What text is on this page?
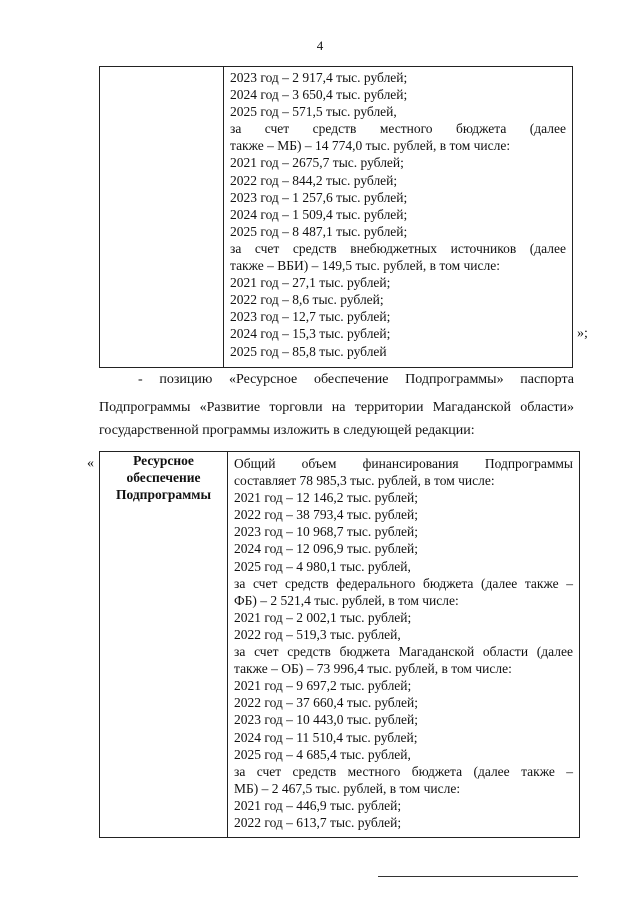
4

2023 год – 2 917,4 тыс. рублей;
2024 год – 3 650,4 тыс. рублей;
2025 год – 571,5 тыс. рублей,
за счет средств местного бюджета (далее
также – МБ) – 14 774,0 тыс. рублей, в том числе:
2021 год – 2675,7 тыс. рублей;
2022 год – 844,2 тыс. рублей;
2023 год – 1 257,6 тыс. рублей;
2024 год – 1 509,4 тыс. рублей;
2025 год – 8 487,1 тыс. рублей;
за счет средств внебюджетных источников (далее
также – ВБИ) – 149,5 тыс. рублей, в том числе:
2021 год – 27,1 тыс. рублей;
2022 год – 8,6 тыс. рублей;
2023 год – 12,7 тыс. рублей;
2024 год – 15,3 тыс. рублей;
2025 год – 85,8 тыс. рублей
»;
- позицию «Ресурсное обеспечение Подпрограммы» паспорта
Подпрограммы «Развитие торговли на территории Магаданской области»
государственной программы изложить в следующей редакции:
«	Ресурсное
обеспечение
Подпрограммы

Общий объем финансирования Подпрограммы
составляет 78 985,3 тыс. рублей, в том числе:
2021 год – 12 146,2 тыс. рублей;
2022 год – 38 793,4 тыс. рублей;
2023 год – 10 968,7 тыс. рублей;
2024 год – 12 096,9 тыс. рублей;
2025 год – 4 980,1 тыс. рублей,
за счет средств федерального бюджета (далее также –
ФБ) – 2 521,4 тыс. рублей, в том числе:
2021 год – 2 002,1 тыс. рублей;
2022 год – 519,3 тыс. рублей,
за счет средств бюджета Магаданской области (далее
также – ОБ) – 73 996,4 тыс. рублей, в том числе:
2021 год – 9 697,2 тыс. рублей;
2022 год – 37 660,4 тыс. рублей;
2023 год – 10 443,0 тыс. рублей;
2024 год – 11 510,4 тыс. рублей;
2025 год – 4 685,4 тыс. рублей,
за счет средств местного бюджета (далее также –
МБ) – 2 467,5 тыс. рублей, в том числе:
2021 год – 446,9 тыс. рублей;
2022 год – 613,7 тыс. рублей;
